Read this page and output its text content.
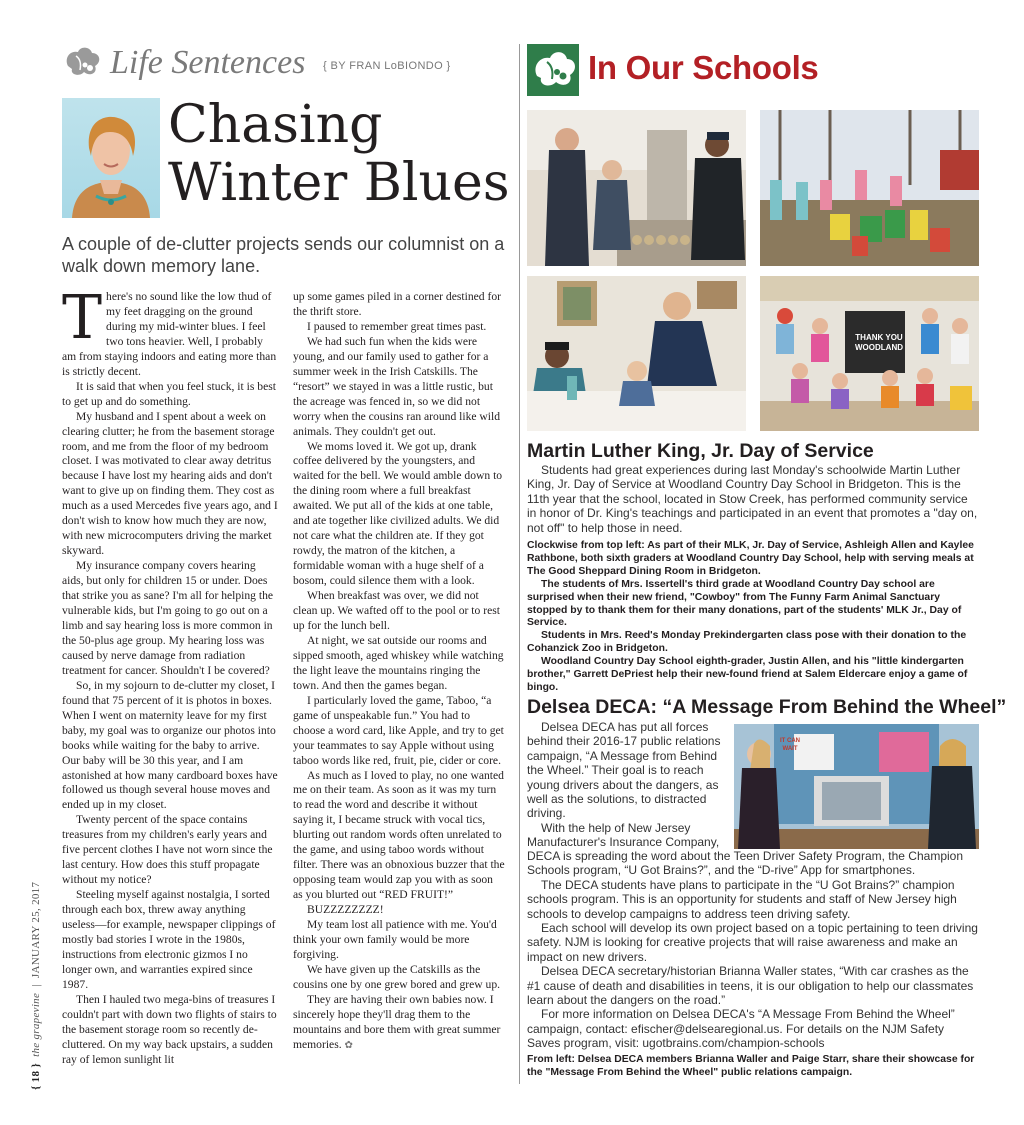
{ 18 }  the grapevine  |  JANUARY 25, 2017
Life Sentences { BY FRAN LoBIONDO }
Chasing Winter Blues
A couple of de-clutter projects sends our columnist on a walk down memory lane.

There's no sound like the low thud of my feet dragging on the ground during my mid-winter blues. I feel two tons heavier. Well, I probably am from staying indoors and eating more than is strictly decent.

It is said that when you feel stuck, it is best to get up and do something.

My husband and I spent about a week on clearing clutter; he from the basement storage room, and me from the floor of my bedroom closet. I was motivated to clear away detritus because I have lost my hearing aids and don't want to give up on finding them. They cost as much as a used Mercedes five years ago, and I don't wish to know how much they are now, with new microcomputers driving the market skyward.

My insurance company covers hearing aids, but only for children 15 or under. Does that strike you as sane? I'm all for helping the vulnerable kids, but I'm going to go out on a limb and say hearing loss is more common in the 50-plus age group. My hearing loss was caused by nerve damage from radiation treatment for cancer. Shouldn't I be covered?

So, in my sojourn to de-clutter my closet, I found that 75 percent of it is photos in boxes. When I went on maternity leave for my first baby, my goal was to organize our photos into books while waiting for the baby to arrive. Our baby will be 30 this year, and I am astonished at how many cardboard boxes have followed us though several house moves and ended up in my closet.

Twenty percent of the space contains treasures from my children's early years and five percent clothes I have not worn since the last century. How does this stuff propagate without my notice?

Steeling myself against nostalgia, I sorted through each box, threw away anything useless—for example, newspaper clippings of mostly bad stories I wrote in the 1980s, instructions from electronic gizmos I no longer own, and warranties expired since 1987.

Then I hauled two mega-bins of treasures I couldn't part with down two flights of stairs to the basement storage room so recently de-cluttered. On my way back upstairs, a sudden ray of lemon sunlight lit

up some games piled in a corner destined for the thrift store.

I paused to remember great times past.

We had such fun when the kids were young, and our family used to gather for a summer week in the Irish Catskills. The “resort” we stayed in was a little rustic, but the acreage was fenced in, so we did not worry when the cousins ran around like wild animals. They couldn't get out.

We moms loved it. We got up, drank coffee delivered by the youngsters, and waited for the bell. We would amble down to the dining room where a full breakfast awaited. We put all of the kids at one table, and ate together like civilized adults. We did not care what the children ate. If they got rowdy, the matron of the kitchen, a formidable woman with a huge shelf of a bosom, could silence them with a look.

When breakfast was over, we did not clean up. We wafted off to the pool or to rest up for the lunch bell.

At night, we sat outside our rooms and sipped smooth, aged whiskey while watching the light leave the mountains ringing the town. And then the games began.

I particularly loved the game, Taboo, “a game of unspeakable fun.” You had to choose a word card, like Apple, and try to get your teammates to say Apple without using taboo words like red, fruit, pie, cider or core.

As much as I loved to play, no one wanted me on their team. As soon as it was my turn to read the word and describe it without saying it, I became struck with vocal tics, blurting out random words often unrelated to the game, and using taboo words without filter. There was an obnoxious buzzer that the opposing team would zap you with as soon as you blurted out “RED FRUIT!”

BUZZZZZZZZ!

My team lost all patience with me. You'd think your own family would be more forgiving.

We have given up the Catskills as the cousins one by one grew bored and grew up.

They are having their own babies now. I sincerely hope they'll drag them to the mountains and bore them with great summer memories. ✿

In Our Schools
THANK YOU WOODLAND
Martin Luther King, Jr. Day of Service

Students had great experiences during last Monday's schoolwide Martin Luther King, Jr. Day of Service at Woodland Country Day School in Bridgeton. This is the 11th year that the school, located in Stow Creek, has performed community service in honor of Dr. King's teachings and participated in an event that promotes a "day on, not off" to help those in need.

Clockwise from top left: As part of their MLK, Jr. Day of Service, Ashleigh Allen and Kaylee Rathbone, both sixth graders at Woodland Country Day School, help with serving meals at The Good Sheppard Dining Room in Bridgeton.

The students of Mrs. Issertell's third grade at Woodland Country Day school are surprised when their new friend, "Cowboy" from The Funny Farm Animal Sanctuary stopped by to thank them for their many donations, part of the students' MLK Jr., Day of Service.

Students in Mrs. Reed's Monday Prekindergarten class pose with their donation to the Cohanzick Zoo in Bridgeton.

Woodland Country Day School eighth-grader, Justin Allen, and his "little kindergarten brother," Garrett DePriest help their new-found friend at Salem Eldercare enjoy a game of bingo.

Delsea DECA: “A Message From Behind the Wheel”
IT CAN WAIT

Delsea DECA has put all forces behind their 2016-17 public relations campaign, “A Message from Behind the Wheel.” Their goal is to reach young drivers about the dangers, as well as the solutions, to distracted driving.

With the help of New Jersey Manufacturer's Insurance Company,

DECA is spreading the word about the Teen Driver Safety Program, the Champion Schools program, “U Got Brains?”, and the “D-rive” App for smartphones.

The DECA students have plans to participate in the “U Got Brains?” champion schools program. This is an opportunity for students and staff of New Jersey high schools to develop campaigns to address teen driving safety.

Each school will develop its own project based on a topic pertaining to teen driving safety. NJM is looking for creative projects that will raise awareness and make an impact on new drivers.

Delsea DECA secretary/historian Brianna Waller states, “With car crashes as the #1 cause of death and disabilities in teens, it is our obligation to help our classmates learn about the dangers on the road.”

For more information on Delsea DECA's “A Message From Behind the Wheel” campaign, contact: efischer@delsearegional.us. For details on the NJM Safety Saves program, visit: ugotbrains.com/champion-schools

From left: Delsea DECA members Brianna Waller and Paige Starr, share their showcase for the "Message From Behind the Wheel" public relations campaign.
